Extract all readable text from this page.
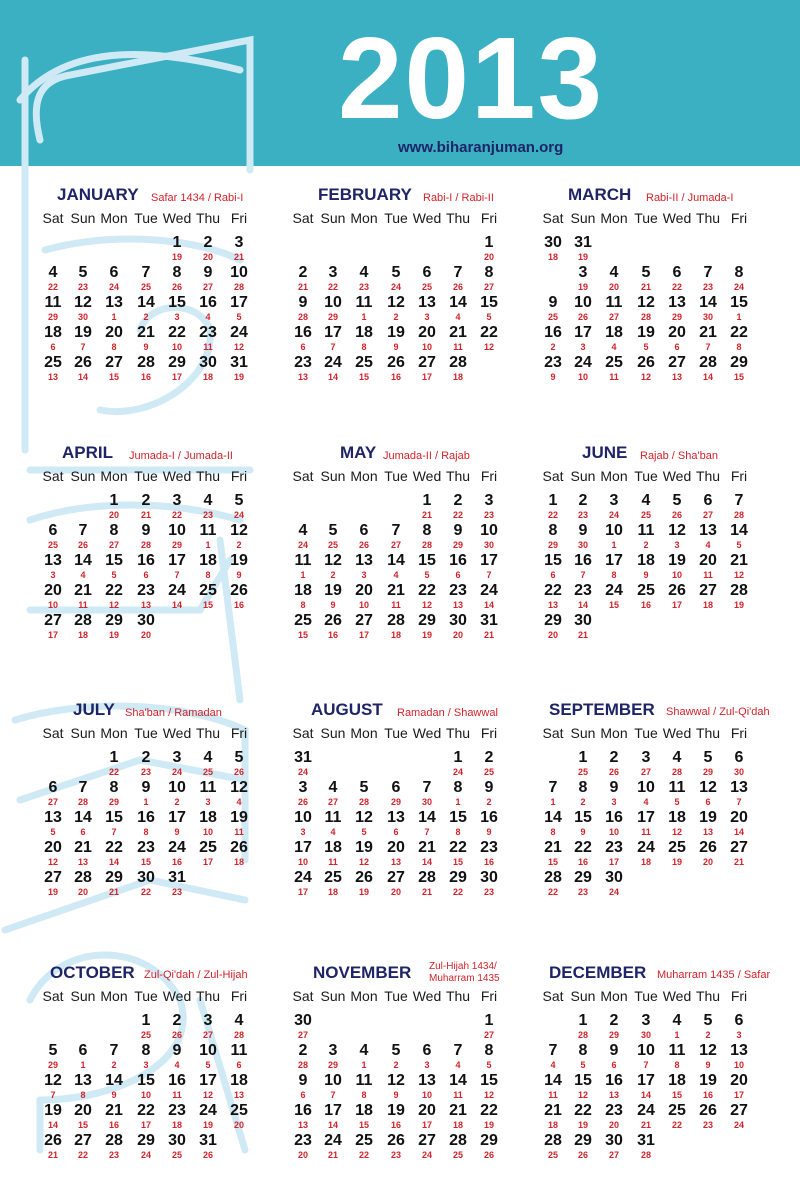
2013
www.biharanjuman.org
JANUARY Safar 1434 / Rabi-I
Sat Sun Mon Tue Wed Thu Fri
1
19
2
20
3
21
4
22
5
23
6
24
7
25
8
26
9
27
10
28
11
29
12
30
13
1
14
2
15
3
16
4
17
5
18
6
19
7
20
8
21
9
22
10
23
11
24
12
25
13
26
14
27
15
28
16
29
17
30
18
31
19
FEBRUARY Rabi-I / Rabi-II
Sat Sun Mon Tue Wed Thu Fri
1
20
2
21
3
22
4
23
5
24
6
25
7
26
8
27
9
28
10
29
11
1
12
2
13
3
14
4
15
5
16
6
17
7
18
8
19
9
20
10
21
11
22
12
23
13
24
14
25
15
26
16
27
17
28
18
MARCH Rabi-II / Jumada-I
Sat Sun Mon Tue Wed Thu Fri
30
18
31
19
3
19
4
20
5
21
6
22
7
23
8
24
9
25
10
26
11
27
12
28
13
29
14
30
15
1
16
2
17
3
18
4
19
5
20
6
21
7
22
8
23
9
24
10
25
11
26
12
27
13
28
14
29
15
APRIL Jumada-I / Jumada-II
Sat Sun Mon Tue Wed Thu Fri
1
20
2
21
3
22
4
23
5
24
6
25
7
26
8
27
9
28
10
29
11
1
12
2
13
3
14
4
15
5
16
6
17
7
18
8
19
9
20
10
21
11
22
12
23
13
24
14
25
15
26
16
27
17
28
18
29
19
30
20
MAY Jumada-II / Rajab
Sat Sun Mon Tue Wed Thu Fri
1
21
2
22
3
23
4
24
5
25
6
26
7
27
8
28
9
29
10
30
11
1
12
2
13
3
14
4
15
5
16
6
17
7
18
8
19
9
20
10
21
11
22
12
23
13
24
14
25
15
26
16
27
17
28
18
29
19
30
20
31
21
JUNE Rajab / Sha'ban
Sat Sun Mon Tue Wed Thu Fri
1
22
2
23
3
24
4
25
5
26
6
27
7
28
8
29
9
30
10
1
11
2
12
3
13
4
14
5
15
6
16
7
17
8
18
9
19
10
20
11
21
12
22
13
23
14
24
15
25
16
26
17
27
18
28
19
29
20
30
21
JULY Sha'ban / Ramadan
Sat Sun Mon Tue Wed Thu Fri
1
22
2
23
3
24
4
25
5
26
6
27
7
28
8
29
9
1
10
2
11
3
12
4
13
5
14
6
15
7
16
8
17
9
18
10
19
11
20
12
21
13
22
14
23
15
24
16
25
17
26
18
27
19
28
20
29
21
30
22
31
23
AUGUST Ramadan / Shawwal
Sat Sun Mon Tue Wed Thu Fri
31
24
1
24
2
25
3
26
4
27
5
28
6
29
7
30
8
1
9
2
10
3
11
4
12
5
13
6
14
7
15
8
16
9
17
10
18
11
19
12
20
13
21
14
22
15
23
16
24
17
25
18
26
19
27
20
28
21
29
22
30
23
SEPTEMBER Shawwal / Zul-Qi'dah
Sat Sun Mon Tue Wed Thu Fri
1
25
2
26
3
27
4
28
5
29
6
30
7
1
8
2
9
3
10
4
11
5
12
6
13
7
14
8
15
9
16
10
17
11
18
12
19
13
20
14
21
15
22
16
23
17
24
18
25
19
26
20
27
21
28
22
29
23
30
24
OCTOBER Zul-Qi'dah / Zul-Hijah
Sat Sun Mon Tue Wed Thu Fri
1
25
2
26
3
27
4
28
5
29
6
1
7
2
8
3
9
4
10
5
11
6
12
7
13
8
14
9
15
10
16
11
17
12
18
13
19
14
20
15
21
16
22
17
23
18
24
19
25
20
26
21
27
22
28
23
29
24
30
25
31
26
NOVEMBER Zul-Hijah 1434/ Muharram 1435
Sat Sun Mon Tue Wed Thu Fri
30
27
1
27
2
28
3
29
4
1
5
2
6
3
7
4
8
5
9
6
10
7
11
8
12
9
13
10
14
11
15
12
16
13
17
14
18
15
19
16
20
17
21
18
22
19
23
20
24
21
25
22
26
23
27
24
28
25
29
26
DECEMBER Muharram 1435 / Safar
Sat Sun Mon Tue Wed Thu Fri
1
28
2
29
3
30
4
1
5
2
6
3
7
4
8
5
9
6
10
7
11
8
12
9
13
10
14
11
15
12
16
13
17
14
18
15
19
16
20
17
21
18
22
19
23
20
24
21
25
22
26
23
27
24
28
25
29
26
30
27
31
28
